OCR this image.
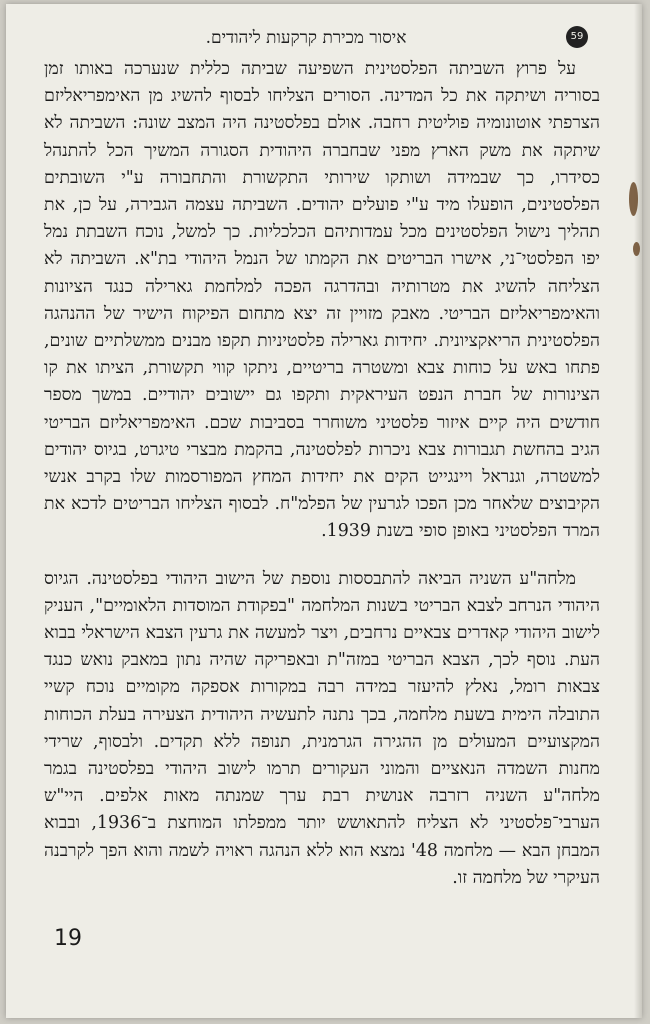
איסור מכירת קרקעות ליהודים.	59

על פרוץ השביתה הפלסטינית השפיעה שביתה כללית שנערכה באותו זמן בסוריה ושיתקה את כל המדינה. הסורים הצליחו לבסוף להשיג מן האימפריאליזם הצרפתי אוטונומיה פוליטית רחבה. אולם בפלסטינה היה המצב שונה: השביתה לא שיתקה את משק הארץ מפני שבחברה היהודית הסגורה המשיך הכל להתנהל כסידרו, כך שבמידה ושותקו שירותי התקשורת והתחבורה ע"י השובתים הפלסטינים, הופעלו מיד ע"י פועלים יהודים. השביתה עצמה הגבירה, על כן, את תהליך נישול הפלסטינים מכל עמדותיהם הכלכליות. כך למשל, נוכח השבתת נמל יפו הפלסטי־ני, אישרו הבריטים את הקמתו של הנמל היהודי בת"א. השביתה לא הצליחה להשיג את מטרותיה ובהדרגה הפכה למלחמת גארילה כנגד הציונות והאימפריאליזם הבריטי. מאבק מזויין זה יצא מתחום הפיקוח הישיר של ההנהגה הפלסטינית הריאקציונית. יחידות גארילה פלסטיניות תקפו מבנים ממשלתיים שונים, פתחו באש על כוחות צבא ומשטרה בריטיים, ניתקו קווי תקשורת, הציתו את קו הצינורות של חברת הנפט העיראקית ותקפו גם יישובים יהודיים. במשך מספר חודשים היה קיים איזור פלסטיני משוחרר בסביבות שכם. האימפריאליזם הבריטי הגיב בהחשת תגבורות צבא ניכרות לפלסטינה, בהקמת מבצרי טיגרט, בגיוס יהודים למשטרה, וגנראל ויינגייט הקים את יחידות המחץ המפורסמות שלו בקרב אנשי הקיבוצים שלאחר מכן הפכו לגרעין של הפלמ"ח. לבסוף הצליחו הבריטים לדכא את המרד הפלסטיני באופן סופי בשנת 1939.

מלחה"ע השניה הביאה להתבססות נוספת של הישוב היהודי בפלסטינה. הגיוס היהודי הנרחב לצבא הבריטי בשנות המלחמה "בפקודת המוסדות הלאומיים", העניק לישוב היהודי קאדרים צבאיים נרחבים, ויצר למעשה את גרעין הצבא הישראלי בבוא העת. נוסף לכך, הצבא הבריטי במזה"ת ובאפריקה שהיה נתון במאבק נואש כנגד צבאות רומל, נאלץ להיעזר במידה רבה במקורות אספקה מקומיים נוכח קשיי התובלה הימית בשעת מלחמה, בכך נתנה לתעשיה היהודית הצעירה בעלת הכוחות המקצועיים המעולים מן ההגירה הגרמנית, תנופה ללא תקדים. ולבסוף, שרידי מחנות השמדה הנאציים והמוני העקורים תרמו לישוב היהודי בפלסטינה בגמר מלחה"ע השניה רזרבה אנושית רבת ערך שמנתה מאות אלפים. היי"ש הערבי־פלסטיני לא הצליח להתאושש יותר ממפלתו המוחצת ב־1936, ובבוא המבחן הבא — מלחמה 48' נמצא הוא ללא הנהגה ראויה לשמה והוא הפך לקרבנה העיקרי של מלחמה זו.

19
